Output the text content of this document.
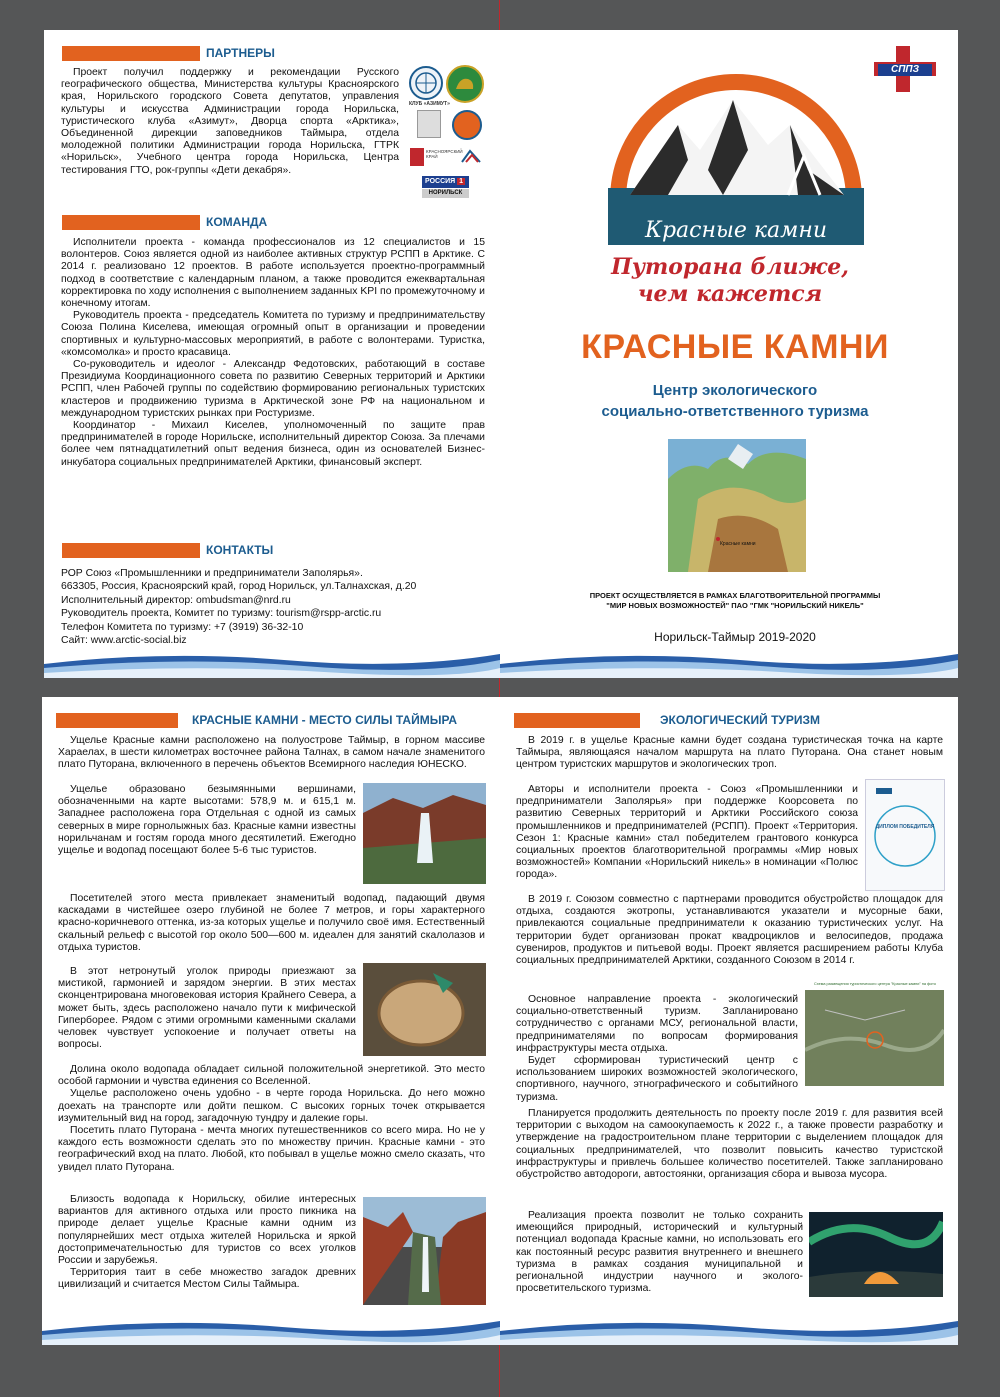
ПАРТНЕРЫ

Проект получил поддержку и рекомендации Русского географического общества, Министерства культуры Красноярского края, Норильского городского Совета депутатов, управления культуры и искусства Администрации города Норильска, туристического клуба «Азимут», Дворца спорта «Арктика», Объединенной дирекции заповедников Таймыра, отдела молодежной политики Администрации города Норильска, ГТРК «Норильск», Учебного центра города Норильска, Центра тестирования ГТО, рок-группы «Дети декабря».

КЛУБ «АЗИМУТ»
КРАСНОЯРСКИЙ КРАЙ
РОССИЯ 1
НОРИЛЬСК
КОМАНДА

Исполнители проекта - команда профессионалов из 12 специалистов и 15 волонтеров. Союз является одной из наиболее активных структур РСПП в Арктике. С 2014 г. реализовано 12 проектов. В работе используется проектно-программный подход в соответствие с календарным планом, а также проводится ежеквартальная корректировка по ходу исполнения с выполнением заданных KPI по промежуточному и конечному итогам.

Руководитель проекта - председатель Комитета по туризму и предпринимательству Союза Полина Киселева, имеющая огромный опыт в организации и проведении спортивных и культурно-массовых мероприятий, в работе с волонтерами. Туристка, «комсомолка» и просто красавица.

Со-руководитель и идеолог - Александр Федотовских, работающий в составе Президиума Координационного совета по развитию Северных территорий и Арктики РСПП, член Рабочей группы по содействию формированию региональных туристских кластеров и продвижению туризма в Арктической зоне РФ на национальном и международном туристских рынках при Ростуризме.

Координатор - Михаил Киселев, уполномоченный по защите прав предпринимателей в городе Норильске, исполнительный директор Союза. За плечами более чем пятнадцатилетний опыт ведения бизнеса, один из основателей Бизнес-инкубатора социальных предпринимателей Арктики, финансовый эксперт.

КОНТАКТЫ
РОР Союз «Промышленники и предприниматели Заполярья».
663305, Россия, Красноярский край, город Норильск, ул.Талнахская, д.20
Исполнительный директор: ombudsman@nrd.ru
Руководитель проекта, Комитет по туризму: tourism@rspp-arctic.ru
Телефон Комитета по туризму: +7 (3919) 36-32-10
Сайт: www.arctic-social.biz
СППЗ
Красные камни
Путорана ближе,
чем кажется
КРАСНЫЕ КАМНИ
Центр экологического
социально-ответственного туризма
Красные камни
ПРОЕКТ ОСУЩЕСТВЛЯЕТСЯ В РАМКАХ БЛАГОТВОРИТЕЛЬНОЙ ПРОГРАММЫ
"МИР НОВЫХ ВОЗМОЖНОСТЕЙ" ПАО "ГМК "НОРИЛЬСКИЙ НИКЕЛЬ"
Норильск-Таймыр 2019-2020
КРАСНЫЕ КАМНИ - МЕСТО СИЛЫ ТАЙМЫРА

Ущелье Красные камни расположено на полуострове Таймыр, в горном массиве Хараелах, в шести километрах восточнее района Талнах, в самом начале знаменитого плато Путорана, включенного в перечень объектов Всемирного наследия ЮНЕСКО.

Ущелье образовано безымянными вершинами, обозначенными на карте высотами: 578,9 м. и 615,1 м. Западнее расположена гора Отдельная с одной из самых северных в мире горнолыжных баз. Красные камни известны норильчанам и гостям города много десятилетий. Ежегодно ущелье и водопад посещают более 5-6 тыс туристов.

Посетителей этого места привлекает знаменитый водопад, падающий двумя каскадами в чистейшее озеро глубиной не более 7 метров, и горы характерного красно-коричневого оттенка, из-за которых ущелье и получило своё имя. Естественный скальный рельеф с высотой гор около 500—600 м. идеален для занятий скалолазов и отдыха туристов.

В этот нетронутый уголок природы приезжают за мистикой, гармонией и зарядом энергии. В этих местах сконцентрирована многовековая история Крайнего Севера, а может быть, здесь расположено начало пути к мифической Гиперборее. Рядом с этими огромными каменными скалами человек чувствует успокоение и получает ответы на вопросы.

Долина около водопада обладает сильной положительной энергетикой. Это место особой гармонии и чувства единения со Вселенной.

Ущелье расположено очень удобно - в черте города Норильска. До него можно доехать на транспорте или дойти пешком. С высоких горных точек открывается изумительный вид на город, загадочную тундру и далекие горы.

Посетить плато Путорана - мечта многих путешественников со всего мира. Но не у каждого есть возможности сделать это по множеству причин. Красные камни - это географический вход на плато. Любой, кто побывал в ущелье можно смело сказать, что увидел плато Путорана.

Близость водопада к Норильску, обилие интересных вариантов для активного отдыха или просто пикника на природе делает ущелье Красные камни одним из популярнейших мест отдыха жителей Норильска и яркой достопримечательностью для туристов со всех уголков России и зарубежья.

Территория таит в себе множество загадок древних цивилизаций и считается Местом Силы Таймыра.

ЭКОЛОГИЧЕСКИЙ ТУРИЗМ

В 2019 г. в ущелье Красные камни будет создана туристическая точка на карте Таймыра, являющаяся началом маршрута на плато Путорана. Она станет новым центром туристских маршрутов и экологических троп.

ДИПЛОМ ПОБЕДИТЕЛЯ

Авторы и исполнители проекта - Союз «Промышленники и предприниматели Заполярья» при поддержке Коорсовета по развитию Северных территорий и Арктики Российского союза промышленников и предпринимателей (РСПП). Проект «Территория. Сезон 1: Красные камни» стал победителем грантового конкурса социальных проектов благотворительной программы «Мир новых возможностей» Компании «Норильский никель» в номинации «Полюс города».

В 2019 г. Союзом совместно с партнерами проводится обустройство площадок для отдыха, создаются экотропы, устанавливаются указатели и мусорные баки, привлекаются социальные предприниматели к оказанию туристических услуг. На территории будет организован прокат квадроциклов и велосипедов, продажа сувениров, продуктов и питьевой воды. Проект является расширением работы Клуба социальных предпринимателей Арктики, созданного Союзом в 2014 г.

Схема размещения туристического центра "Красные камни" на фото

Основное направление проекта - экологический социально-ответственный туризм. Запланировано сотрудничество с органами МСУ, региональной власти, предпринимателями по вопросам формирования инфраструктуры места отдыха.

Будет сформирован туристический центр с использованием широких возможностей экологического, спортивного, научного, этнографического и событийного туризма.

Планируется продолжить деятельность по проекту после 2019 г. для развития всей территории с выходом на самоокупаемость к 2022 г., а также провести разработку и утверждение на градостроительном плане территории с выделением площадок для социальных предпринимателей, что позволит повысить качество туристской инфраструктуры и привлечь большее количество посетителей. Также запланировано обустройство автодороги, автостоянки, организация сбора и вывоза мусора.

Реализация проекта позволит не только сохранить имеющийся природный, исторический и культурный потенциал водопада Красные камни, но использовать его как постоянный ресурс развития внутреннего и внешнего туризма в рамках создания муниципальной и региональной индустрии научного и эколого-просветительского туризма.
